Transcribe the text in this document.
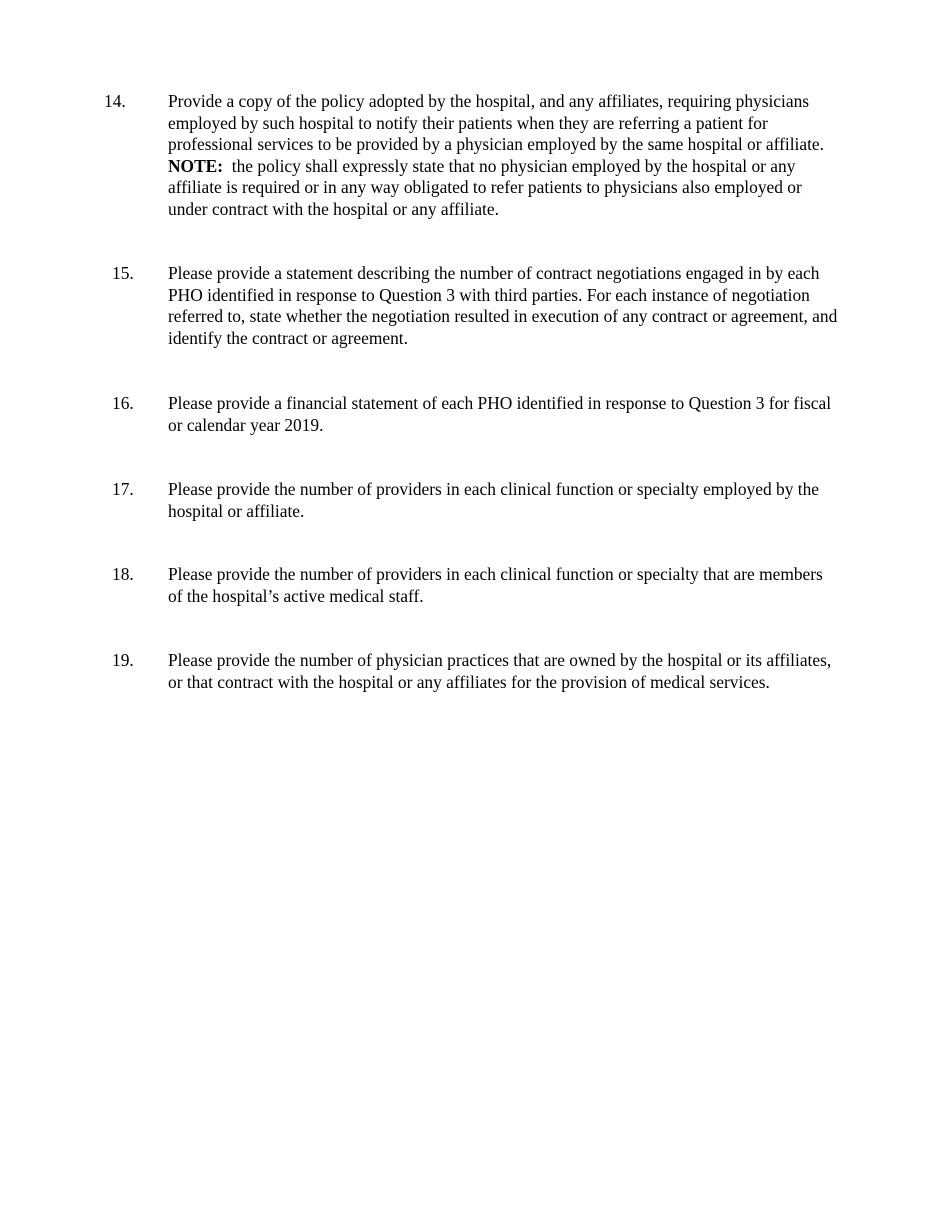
14.	Provide a copy of the policy adopted by the hospital, and any affiliates, requiring physicians employed by such hospital to notify their patients when they are referring a patient for professional services to be provided by a physician employed by the same hospital or affiliate.  NOTE: the policy shall expressly state that no physician employed by the hospital or any affiliate is required or in any way obligated to refer patients to physicians also employed or under contract with the hospital or any affiliate.
15.	Please provide a statement describing the number of contract negotiations engaged in by each PHO identified in response to Question 3 with third parties. For each instance of negotiation referred to, state whether the negotiation resulted in execution of any contract or agreement, and identify the contract or agreement.
16.	Please provide a financial statement of each PHO identified in response to Question 3 for fiscal or calendar year 2019.
17.	Please provide the number of providers in each clinical function or specialty employed by the hospital or affiliate.
18.	Please provide the number of providers in each clinical function or specialty that are members of the hospital’s active medical staff.
19.	Please provide the number of physician practices that are owned by the hospital or its affiliates, or that contract with the hospital or any affiliates for the provision of medical services.
